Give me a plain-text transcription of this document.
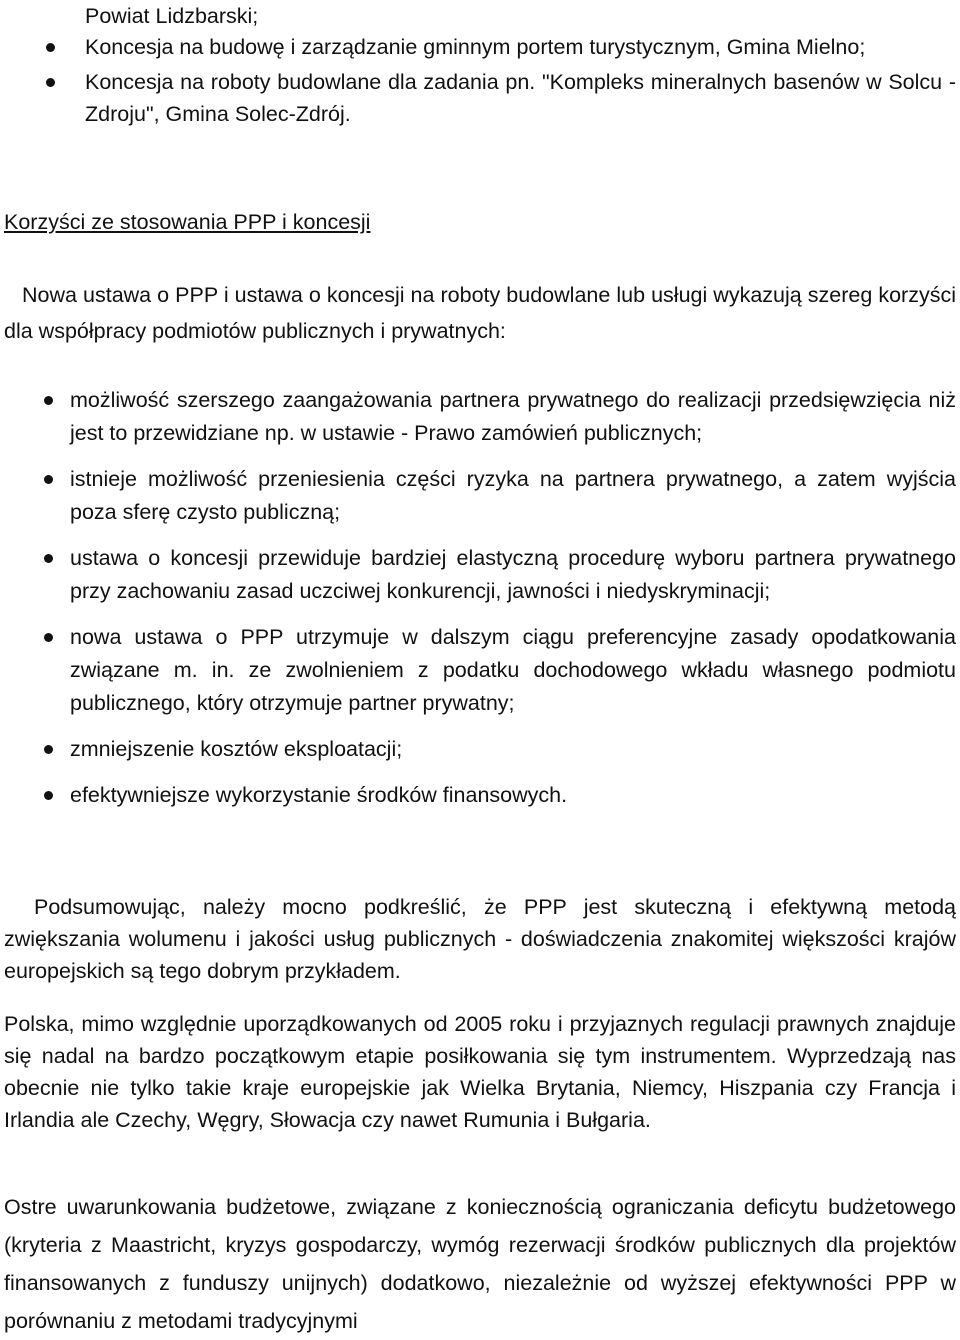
Powiat Lidzbarski;

Koncesja na budowę i zarządzanie gminnym portem turystycznym, Gmina Mielno;
Koncesja na roboty budowlane dla zadania pn. "Kompleks mineralnych basenów w Solcu - Zdroju", Gmina Solec-Zdrój.
Korzyści ze stosowania PPP i koncesji

Nowa ustawa o PPP i ustawa o koncesji na roboty budowlane lub usługi wykazują szereg korzyści dla współpracy podmiotów publicznych i prywatnych:

możliwość szerszego zaangażowania partnera prywatnego do realizacji przedsięwzięcia niż jest to przewidziane np. w ustawie - Prawo zamówień publicznych;
istnieje możliwość przeniesienia części ryzyka na partnera prywatnego, a zatem wyjścia poza sferę czysto publiczną;
ustawa o koncesji przewiduje bardziej elastyczną procedurę wyboru partnera prywatnego przy zachowaniu zasad uczciwej konkurencji, jawności i niedyskryminacji;
nowa ustawa o PPP utrzymuje w dalszym ciągu preferencyjne zasady opodatkowania związane m. in. ze zwolnieniem z podatku dochodowego wkładu własnego podmiotu publicznego, który otrzymuje partner prywatny;
zmniejszenie kosztów eksploatacji;
efektywniejsze wykorzystanie środków finansowych.

Podsumowując, należy mocno podkreślić, że PPP jest skuteczną i efektywną metodą zwiększania wolumenu i jakości usług publicznych - doświadczenia znakomitej większości krajów europejskich są tego dobrym przykładem.

Polska, mimo względnie uporządkowanych od 2005 roku i przyjaznych regulacji prawnych znajduje się nadal na bardzo początkowym etapie posiłkowania się tym instrumentem. Wyprzedzają nas obecnie nie tylko takie kraje europejskie jak Wielka Brytania, Niemcy, Hiszpania czy Francja i Irlandia ale Czechy, Węgry, Słowacja czy nawet Rumunia i Bułgaria.

Ostre uwarunkowania budżetowe, związane z koniecznością ograniczania deficytu budżetowego (kryteria z Maastricht, kryzys gospodarczy, wymóg rezerwacji środków publicznych dla projektów finansowanych z funduszy unijnych) dodatkowo, niezależnie od wyższej efektywności PPP w porównaniu z metodami tradycyjnymi
